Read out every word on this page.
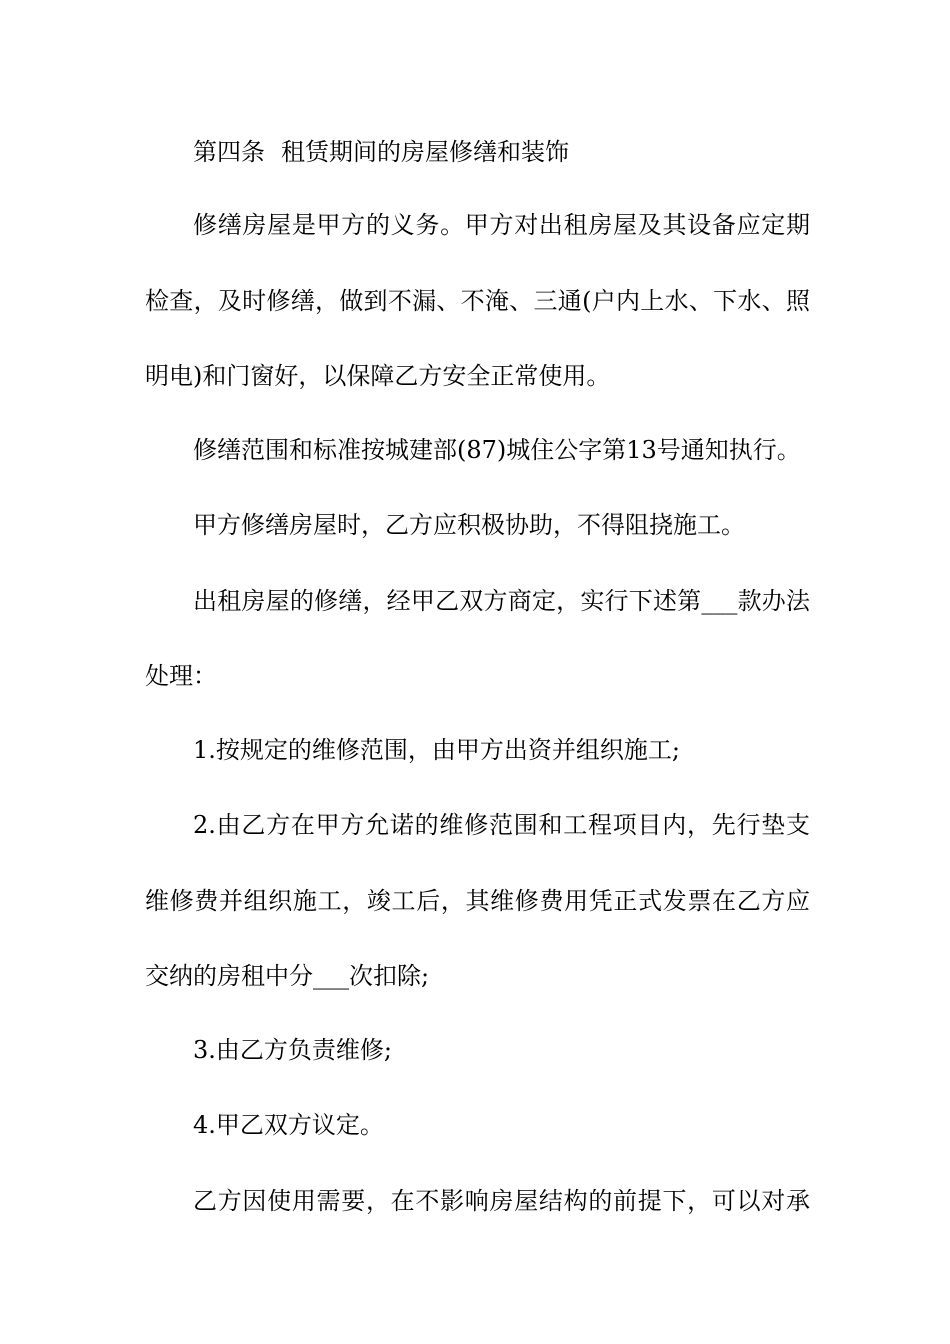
第四条 租赁期间的房屋修缮和装饰

修缮房屋是甲方的义务。甲方对出租房屋及其设备应定期

检查，及时修缮，做到不漏、不淹、三通(户内上水、下水、照

明电)和门窗好，以保障乙方安全正常使用。

修缮范围和标准按城建部(87)城住公字第13号通知执行。

甲方修缮房屋时，乙方应积极协助，不得阻挠施工。

出租房屋的修缮，经甲乙双方商定，实行下述第___款办法

处理：

1.按规定的维修范围，由甲方出资并组织施工;

2.由乙方在甲方允诺的维修范围和工程项目内，先行垫支

维修费并组织施工，竣工后，其维修费用凭正式发票在乙方应

交纳的房租中分___次扣除;

3.由乙方负责维修;

4.甲乙双方议定。

乙方因使用需要，在不影响房屋结构的前提下，可以对承
